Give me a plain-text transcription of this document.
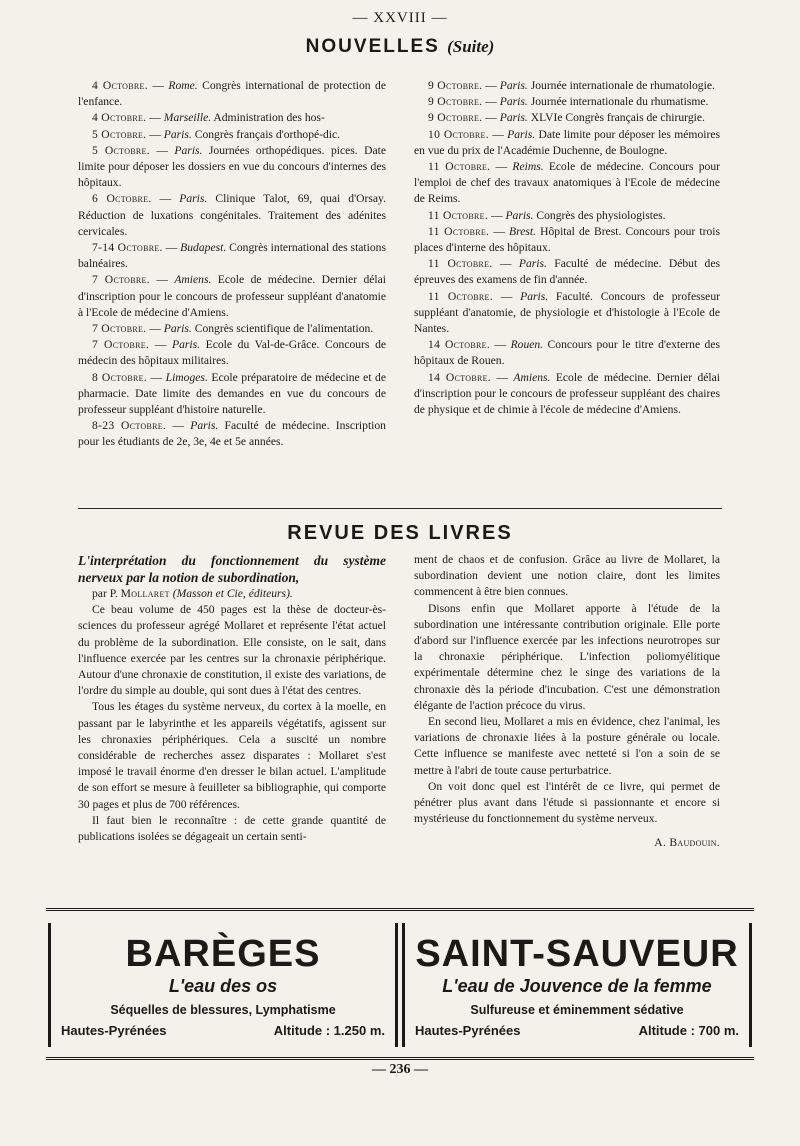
— XXVIII —
NOUVELLES (Suite)

4 Octobre. — Rome. Congrès international de protection de l'enfance.

4 Octobre. — Marseille. Administration des hos-

5 Octobre. — Paris. Congrès français d'orthopé-dic.

5 Octobre. — Paris. Journées orthopédiques. pices. Date limite pour déposer les dossiers en vue du concours d'internes des hôpitaux.

6 Octobre. — Paris. Clinique Talot, 69, quai d'Orsay. Réduction de luxations congénitales. Traitement des adénites cervicales.

7-14 Octobre. — Budapest. Congrès international des stations balnéaires.

7 Octobre. — Amiens. Ecole de médecine. Dernier délai d'inscription pour le concours de professeur suppléant d'anatomie à l'Ecole de médecine d'Amiens.

7 Octobre. — Paris. Congrès scientifique de l'alimentation.

7 Octobre. — Paris. Ecole du Val-de-Grâce. Concours de médecin des hôpitaux militaires.

8 Octobre. — Limoges. Ecole préparatoire de médecine et de pharmacie. Date limite des demandes en vue du concours de professeur suppléant d'histoire naturelle.

8-23 Octobre. — Paris. Faculté de médecine. Inscription pour les étudiants de 2e, 3e, 4e et 5e années.

9 Octobre. — Paris. Journée internationale de rhumatologie.

9 Octobre. — Paris. Journée internationale du rhumatisme.

9 Octobre. — Paris. XLVIe Congrès français de chirurgie.

10 Octobre. — Paris. Date limite pour déposer les mémoires en vue du prix de l'Académie Duchenne, de Boulogne.

11 Octobre. — Reims. Ecole de médecine. Concours pour l'emploi de chef des travaux anatomiques à l'Ecole de médecine de Reims.

11 Octobre. — Paris. Congrès des physiologistes.

11 Octobre. — Brest. Hôpital de Brest. Concours pour trois places d'interne des hôpitaux.

11 Octobre. — Paris. Faculté de médecine. Début des épreuves des examens de fin d'année.

11 Octobre. — Paris. Faculté. Concours de professeur suppléant d'anatomie, de physiologie et d'histologie à l'Ecole de Nantes.

14 Octobre. — Rouen. Concours pour le titre d'externe des hôpitaux de Rouen.

14 Octobre. — Amiens. Ecole de médecine. Dernier délai d'inscription pour le concours de professeur suppléant des chaires de physique et de chimie à l'école de médecine d'Amiens.

REVUE DES LIVRES

L'interprétation du fonctionnement du système nerveux par la notion de subordination,

par P. Mollaret (Masson et Cie, éditeurs).

Ce beau volume de 450 pages est la thèse de docteur-ès-sciences du professeur agrégé Mollaret et représente l'état actuel du problème de la subordination. Elle consiste, on le sait, dans l'influence exercée par les centres sur la chronaxie périphérique. Autour d'une chronaxie de constitution, il existe des variations, de l'ordre du simple au double, qui sont dues à l'état des centres.

Tous les étages du système nerveux, du cortex à la moelle, en passant par le labyrinthe et les appareils végétatifs, agissent sur les chronaxies périphériques. Cela a suscité un nombre considérable de recherches assez disparates : Mollaret s'est imposé le travail énorme d'en dresser le bilan actuel. L'amplitude de son effort se mesure à feuilleter sa bibliographie, qui comporte 30 pages et plus de 700 références.

Il faut bien le reconnaître : de cette grande quantité de publications isolées se dégageait un certain senti-

ment de chaos et de confusion. Grâce au livre de Mollaret, la subordination devient une notion claire, dont les limites commencent à être bien connues.

Disons enfin que Mollaret apporte à l'étude de la subordination une intéressante contribution originale. Elle porte d'abord sur l'influence exercée par les infections neurotropes sur la chronaxie périphérique. L'infection poliomyélitique expérimentale détermine chez le singe des variations de la chronaxie dès la période d'incubation. C'est une démonstration élégante de l'action précoce du virus.

En second lieu, Mollaret a mis en évidence, chez l'animal, les variations de chronaxie liées à la posture générale ou locale. Cette influence se manifeste avec netteté si l'on a soin de se mettre à l'abri de toute cause perturbatrice.

On voit donc quel est l'intérêt de ce livre, qui permet de pénétrer plus avant dans l'étude si passionnante et encore si mystérieuse du fonctionnement du système nerveux.

A. Baudouin.

BARÈGES
L'eau des os
Séquelles de blessures, Lymphatisme
Hautes-Pyrénées	Altitude : 1.250 m.
SAINT-SAUVEUR
L'eau de Jouvence de la femme
Sulfureuse et éminemment sédative
Hautes-Pyrénées	Altitude : 700 m.
— 236 —
